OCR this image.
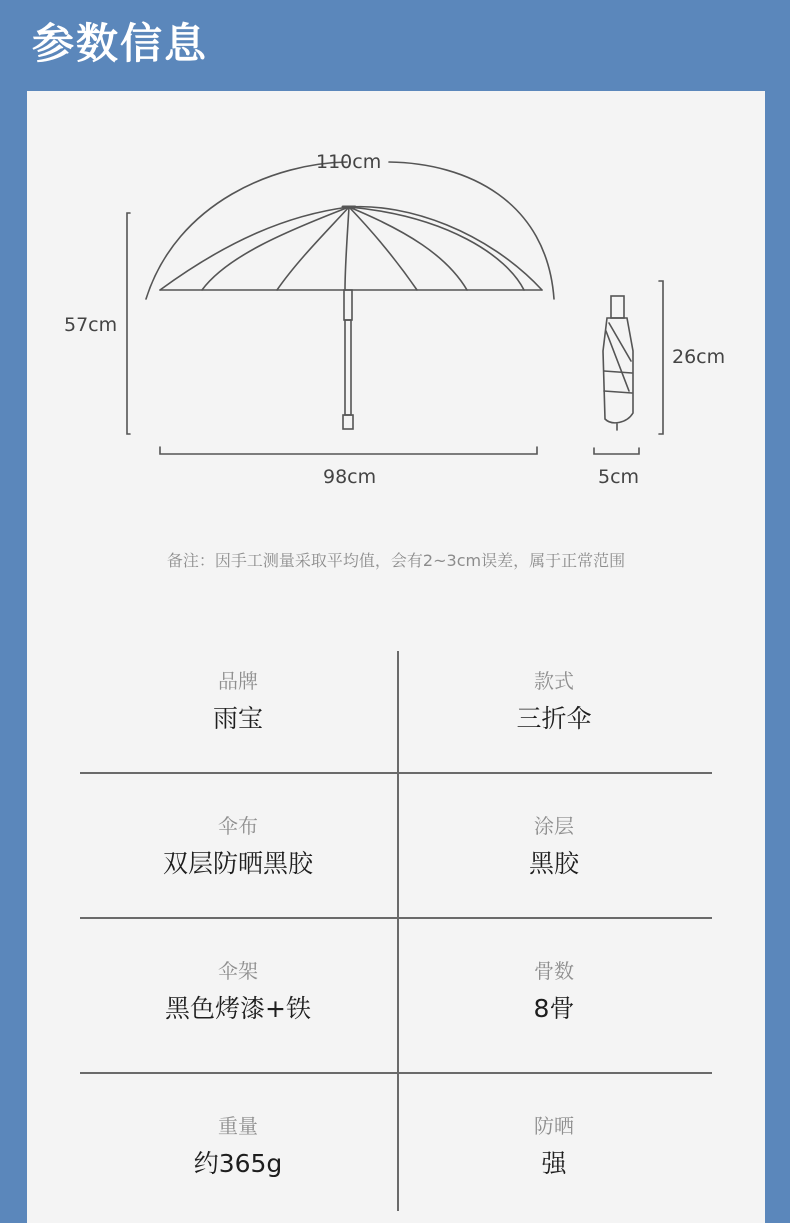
参数信息
110cm
57cm
98cm
26cm
5cm
备注：因手工测量采取平均值，会有2~3cm误差，属于正常范围
品牌
雨宝
款式
三折伞
伞布
双层防晒黑胶
涂层
黑胶
伞架
黑色烤漆+铁
骨数
8骨
重量
约365g
防晒
强
